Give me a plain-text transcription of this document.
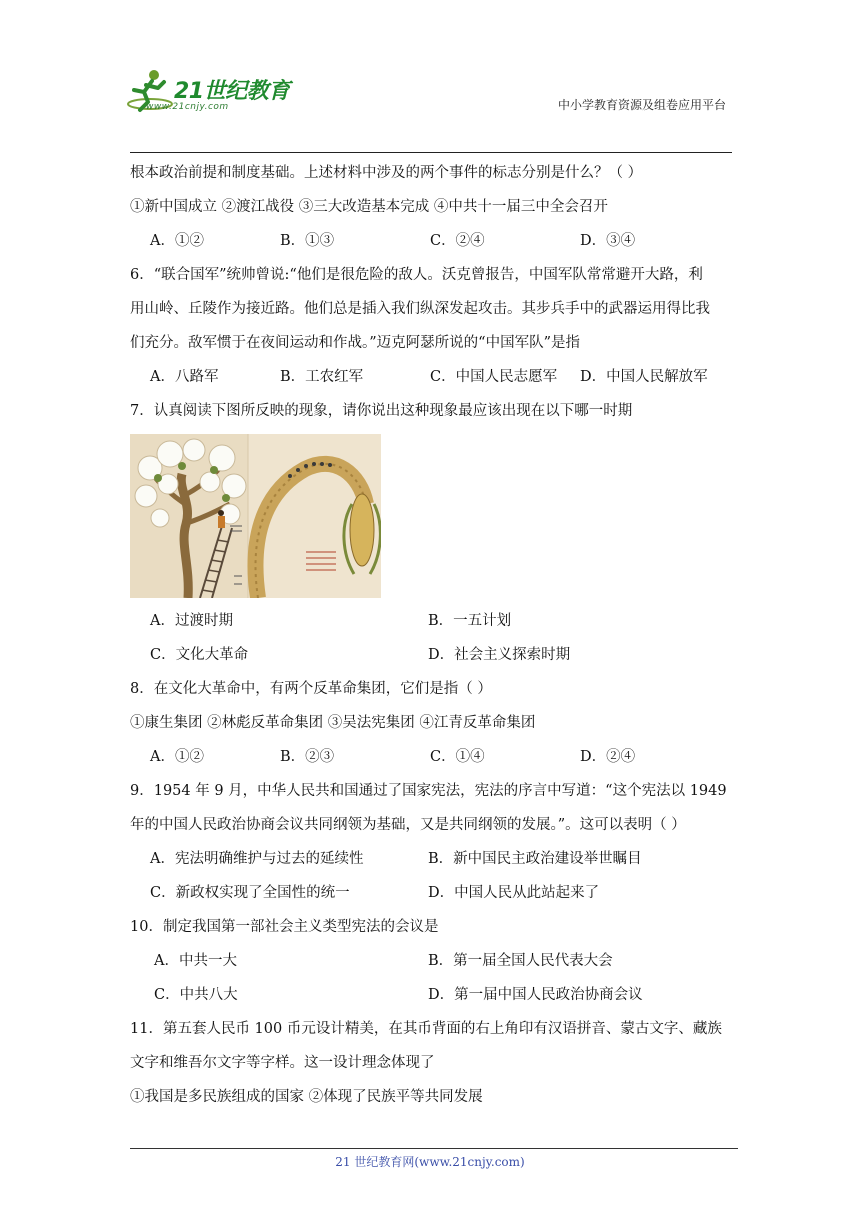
21世纪教育
www.21cnjy.com	中小学教育资源及组卷应用平台
根本政治前提和制度基础。上述材料中涉及的两个事件的标志分别是什么？（ ）
①新中国成立 ②渡江战役 ③三大改造基本完成 ④中共十一届三中全会召开
A．①②	B．①③	C．②④	D．③④
6．“联合国军”统帅曾说:“他们是很危险的敌人。沃克曾报告，中国军队常常避开大路，利
用山岭、丘陵作为接近路。他们总是插入我们纵深发起攻击。其步兵手中的武器运用得比我
们充分。敌军惯于在夜间运动和作战。”迈克阿瑟所说的“中国军队”是指
A．八路军	B．工农红军	C．中国人民志愿军 D．中国人民解放军
7．认真阅读下图所反映的现象，请你说出这种现象最应该出现在以下哪一时期
A．过渡时期	B．一五计划
C．文化大革命	D．社会主义探索时期
8．在文化大革命中，有两个反革命集团，它们是指（ ）
①康生集团 ②林彪反革命集团 ③吴法宪集团 ④江青反革命集团
A．①②	B．②③	C．①④	D．②④
9．1954 年 9 月，中华人民共和国通过了国家宪法，宪法的序言中写道：“这个宪法以 1949
年的中国人民政治协商会议共同纲领为基础，又是共同纲领的发展。”。这可以表明（ ）
A．宪法明确维护与过去的延续性	B．新中国民主政治建设举世瞩目
C．新政权实现了全国性的统一	D．中国人民从此站起来了
10．制定我国第一部社会主义类型宪法的会议是
A．中共一大	B．第一届全国人民代表大会
C．中共八大	D．第一届中国人民政治协商会议
11．第五套人民币 100 币元设计精美，在其币背面的右上角印有汉语拼音、蒙古文字、藏族
文字和维吾尔文字等字样。这一设计理念体现了
①我国是多民族组成的国家 ②体现了民族平等共同发展
21 世纪教育网(www.21cnjy.com)
